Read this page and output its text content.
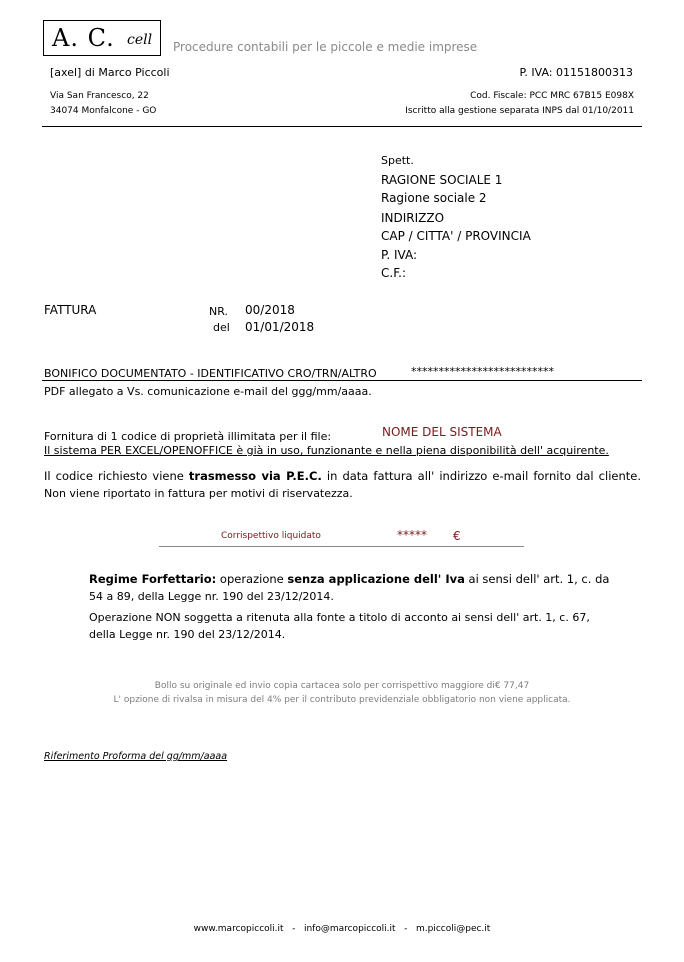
A. C. cell Procedure contabili per le piccole e medie imprese
[axel] di Marco Piccoli	P. IVA: 01151800313
Via San Francesco, 22
34074 Monfalcone - GO
Cod. Fiscale: PCC MRC 67B15 E098X
Iscritto alla gestione separata INPS dal 01/10/2011
Spett.
RAGIONE SOCIALE 1
Ragione sociale 2
INDIRIZZO
CAP / CITTA' / PROVINCIA
P. IVA:
C.F.:
FATTURA	NR. 00/2018
del 01/01/2018
BONIFICO DOCUMENTATO - IDENTIFICATIVO CRO/TRN/ALTRO	**************************
PDF allegato a Vs. comunicazione e-mail del ggg/mm/aaaa.
Fornitura di 1 codice di proprietà illimitata per il file:	NOME DEL SISTEMA
Il sistema PER EXCEL/OPENOFFICE è già in uso, funzionante e nella piena disponibilità dell' acquirente.
Il codice richiesto viene trasmesso via P.E.C. in data fattura all' indirizzo e-mail fornito dal cliente.
Non viene riportato in fattura per motivi di riservatezza.
Corrispettivo liquidato	***** €
Regime Forfettario: operazione senza applicazione dell' Iva ai sensi dell' art. 1, c. da
54 a 89, della Legge nr. 190 del 23/12/2014.
Operazione NON soggetta a ritenuta alla fonte a titolo di acconto ai sensi dell' art. 1, c. 67,
della Legge nr. 190 del 23/12/2014.
Bollo su originale ed invio copia cartacea solo per corrispettivo maggiore di€ 77,47
L' opzione di rivalsa in misura del 4% per il contributo previdenziale obbligatorio non viene applicata.
Riferimento Proforma del gg/mm/aaaa
www.marcopiccoli.it   -   info@marcopiccoli.it   -   m.piccoli@pec.it
